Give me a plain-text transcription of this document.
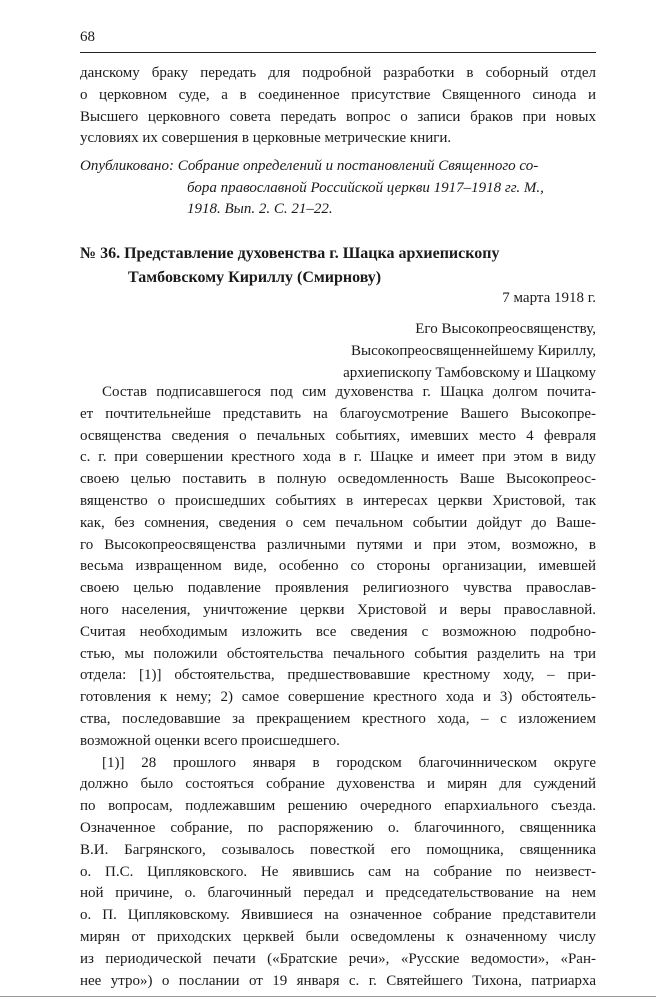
68
данскому браку передать для подробной разработки в соборный отдел
о церковном суде, а в соединенное присутствие Священного синода и
Высшего церковного совета передать вопрос о записи браков при новых
условиях их совершения в церковные метрические книги.
Опубликовано: Собрание определений и постановлений Священного со-
бора православной Российской церкви 1917–1918 гг. М.,
1918. Вып. 2. С. 21–22.
№ 36. Представление духовенства г. Шацка архиепископу
Тамбовскому Кириллу (Смирнову)
7 марта 1918 г.
Его Высокопреосвященству,
Высокопреосвященнейшему Кириллу,
архиепископу Тамбовскому и Шацкому
Состав подписавшегося под сим духовенства г. Шацка долгом почита-
ет почтительнейше представить на благоусмотрение Вашего Высокопре-
освященства сведения о печальных событиях, имевших место 4 февраля
с. г. при совершении крестного хода в г. Шацке и имеет при этом в виду
своею целью поставить в полную осведомленность Ваше Высокопреос-
вященство о происшедших событиях в интересах церкви Христовой, так
как, без сомнения, сведения о сем печальном событии дойдут до Ваше-
го Высокопреосвященства различными путями и при этом, возможно, в
весьма извращенном виде, особенно со стороны организации, имевшей
своею целью подавление проявления религиозного чувства православ-
ного населения, уничтожение церкви Христовой и веры православной.
Считая необходимым изложить все сведения с возможною подробно-
стью, мы положили обстоятельства печального события разделить на три
отдела: [1)] обстоятельства, предшествовавшие крестному ходу, – при-
готовления к нему; 2) самое совершение крестного хода и 3) обстоятель-
ства, последовавшие за прекращением крестного хода, – с изложением
возможной оценки всего происшедшего.
[1)] 28 прошлого января в городском благочинническом округе
должно было состояться собрание духовенства и мирян для суждений
по вопросам, подлежавшим решению очередного епархиального съезда.
Означенное собрание, по распоряжению о. благочинного, священника
В.И. Багрянского, созывалось повесткой его помощника, священника
о. П.С. Ципляковского. Не явившись сам на собрание по неизвест-
ной причине, о. благочинный передал и председательствование на нем
о. П. Ципляковскому. Явившиеся на означенное собрание представители
мирян от приходских церквей были осведомлены к означенному числу
из периодической печати («Братские речи», «Русские ведомости», «Ран-
нее утро») о послании от 19 января с. г. Святейшего Тихона, патриарха
